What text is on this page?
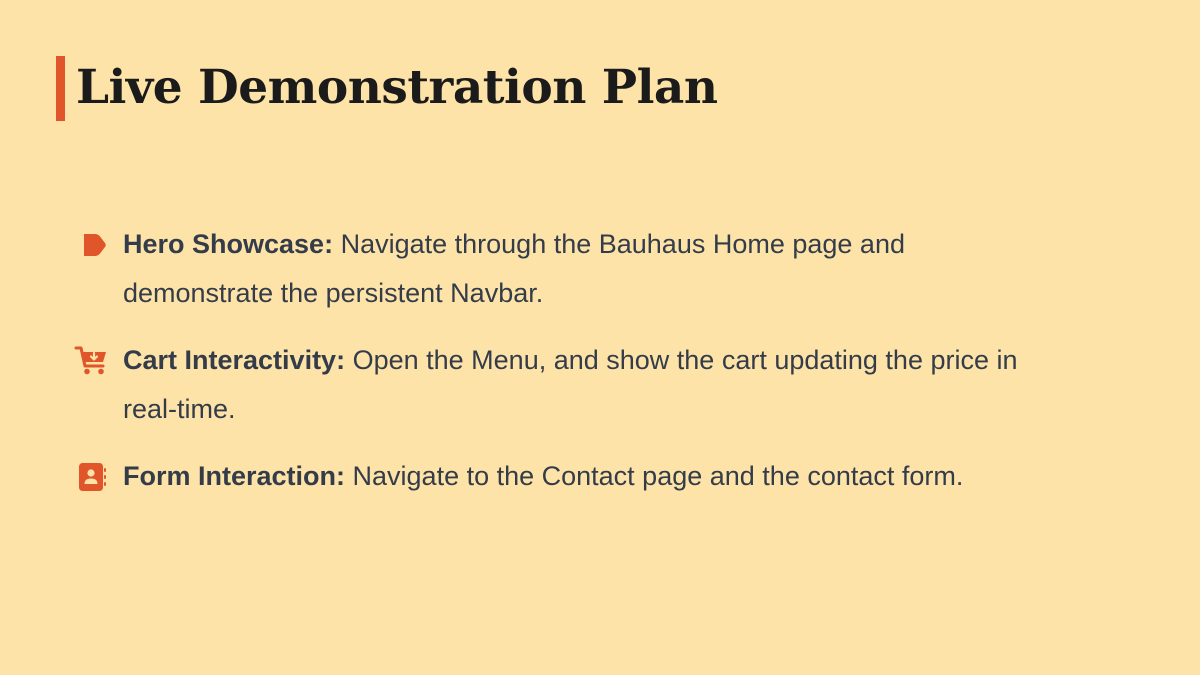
Live Demonstration Plan
Hero Showcase: Navigate through the Bauhaus Home page and demonstrate the persistent Navbar.
Cart Interactivity: Open the Menu, and show the cart updating the price in real-time.
Form Interaction: Navigate to the Contact page and the contact form.
